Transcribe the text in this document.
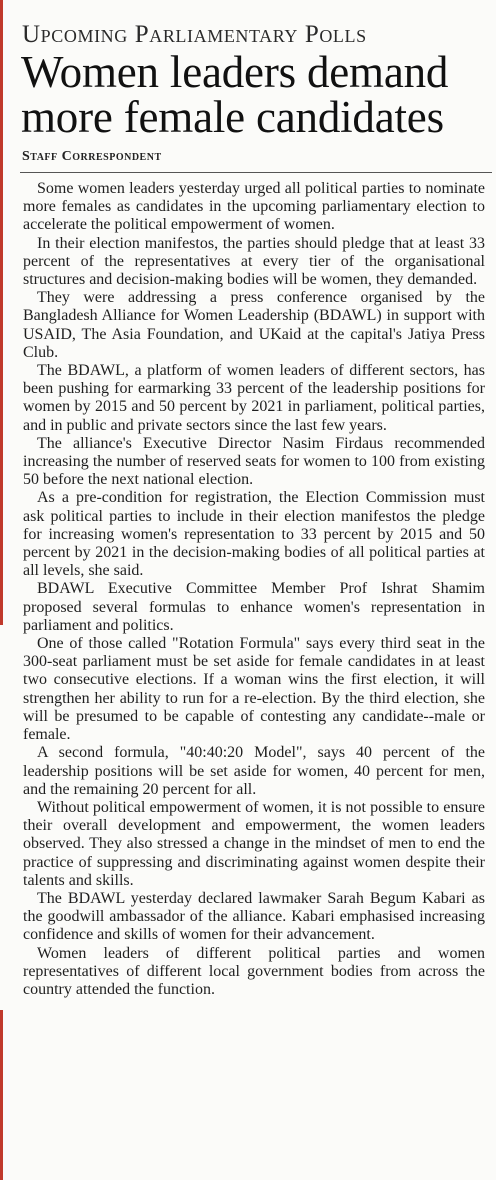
Upcoming Parliamentary Polls
Women leaders demand more female candidates
Staff Correspondent

Some women leaders yesterday urged all political parties to nominate more females as candidates in the upcoming parliamentary election to accelerate the political empowerment of women.

In their election manifestos, the parties should pledge that at least 33 percent of the representatives at every tier of the organisational structures and decision-making bodies will be women, they demanded.

They were addressing a press conference organised by the Bangladesh Alliance for Women Leadership (BDAWL) in support with USAID, The Asia Foundation, and UKaid at the capital's Jatiya Press Club.

The BDAWL, a platform of women leaders of different sectors, has been pushing for earmarking 33 percent of the leadership positions for women by 2015 and 50 percent by 2021 in parliament, political parties, and in public and private sectors since the last few years.

The alliance's Executive Director Nasim Firdaus recommended increasing the number of reserved seats for women to 100 from existing 50 before the next national election.

As a pre-condition for registration, the Election Commission must ask political parties to include in their election manifestos the pledge for increasing women's representation to 33 percent by 2015 and 50 percent by 2021 in the decision-making bodies of all political parties at all levels, she said.

BDAWL Executive Committee Member Prof Ishrat Shamim proposed several formulas to enhance women's representation in parliament and politics.

One of those called "Rotation Formula" says every third seat in the 300-seat parliament must be set aside for female candidates in at least two consecutive elections. If a woman wins the first election, it will strengthen her ability to run for a re-election. By the third election, she will be presumed to be capable of contesting any candidate--male or female.

A second formula, "40:40:20 Model", says 40 percent of the leadership positions will be set aside for women, 40 percent for men, and the remaining 20 percent for all.

Without political empowerment of women, it is not possible to ensure their overall development and empowerment, the women leaders observed. They also stressed a change in the mindset of men to end the practice of suppressing and discriminating against women despite their talents and skills.

The BDAWL yesterday declared lawmaker Sarah Begum Kabari as the goodwill ambassador of the alliance. Kabari emphasised increasing confidence and skills of women for their advancement.

Women leaders of different political parties and women representatives of different local government bodies from across the country attended the function.
